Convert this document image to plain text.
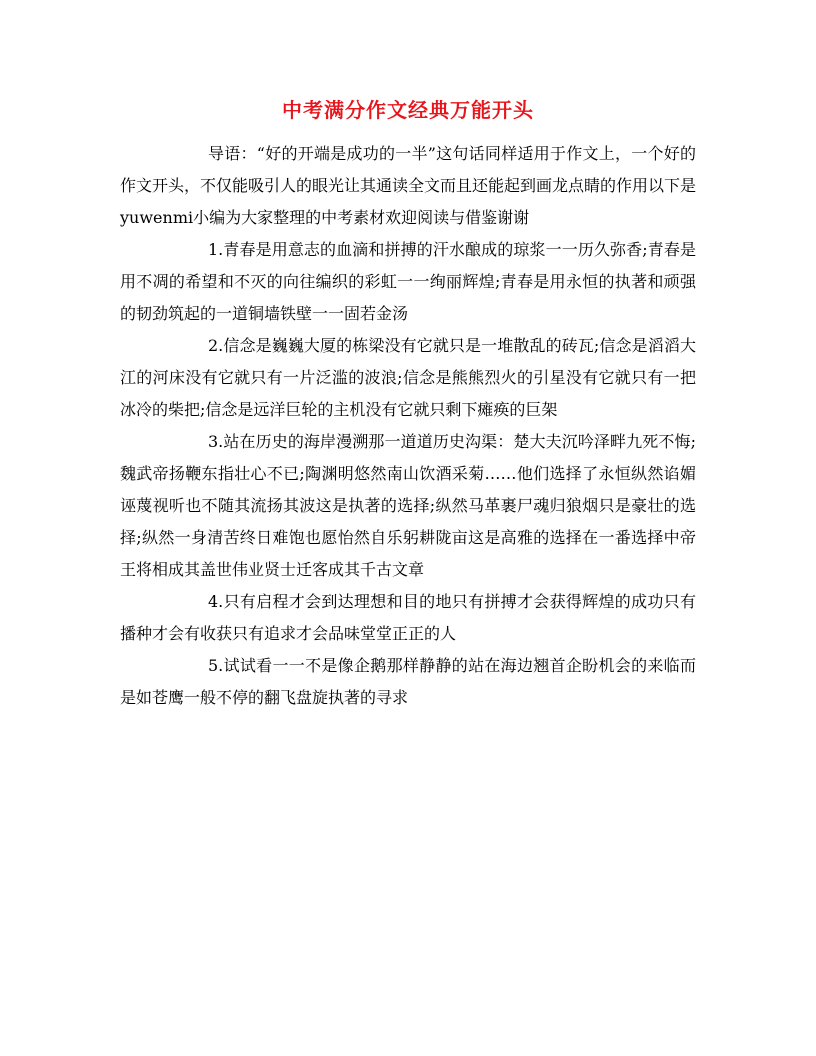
中考满分作文经典万能开头

导语：“好的开端是成功的一半”这句话同样适用于作文上，一个好的作文开头，不仅能吸引人的眼光让其通读全文而且还能起到画龙点睛的作用以下是yuwenmi小编为大家整理的中考素材欢迎阅读与借鉴谢谢

1.青春是用意志的血滴和拼搏的汗水酿成的琼浆一一历久弥香;青春是用不凋的希望和不灭的向往编织的彩虹一一绚丽辉煌;青春是用永恒的执著和顽强的韧劲筑起的一道铜墙铁壁一一固若金汤

2.信念是巍巍大厦的栋梁没有它就只是一堆散乱的砖瓦;信念是滔滔大江的河床没有它就只有一片泛滥的波浪;信念是熊熊烈火的引星没有它就只有一把冰冷的柴把;信念是远洋巨轮的主机没有它就只剩下瘫痪的巨架

3.站在历史的海岸漫溯那一道道历史沟渠：楚大夫沉吟泽畔九死不悔;魏武帝扬鞭东指壮心不已;陶渊明悠然南山饮酒采菊……他们选择了永恒纵然谄媚诬蔑视听也不随其流扬其波这是执著的选择;纵然马革裹尸魂归狼烟只是豪壮的选择;纵然一身清苦终日难饱也愿怡然自乐躬耕陇亩这是高雅的选择在一番选择中帝王将相成其盖世伟业贤士迁客成其千古文章

4.只有启程才会到达理想和目的地只有拼搏才会获得辉煌的成功只有播种才会有收获只有追求才会品味堂堂正正的人

5.试试看一一不是像企鹅那样静静的站在海边翘首企盼机会的来临而是如苍鹰一般不停的翻飞盘旋执著的寻求
